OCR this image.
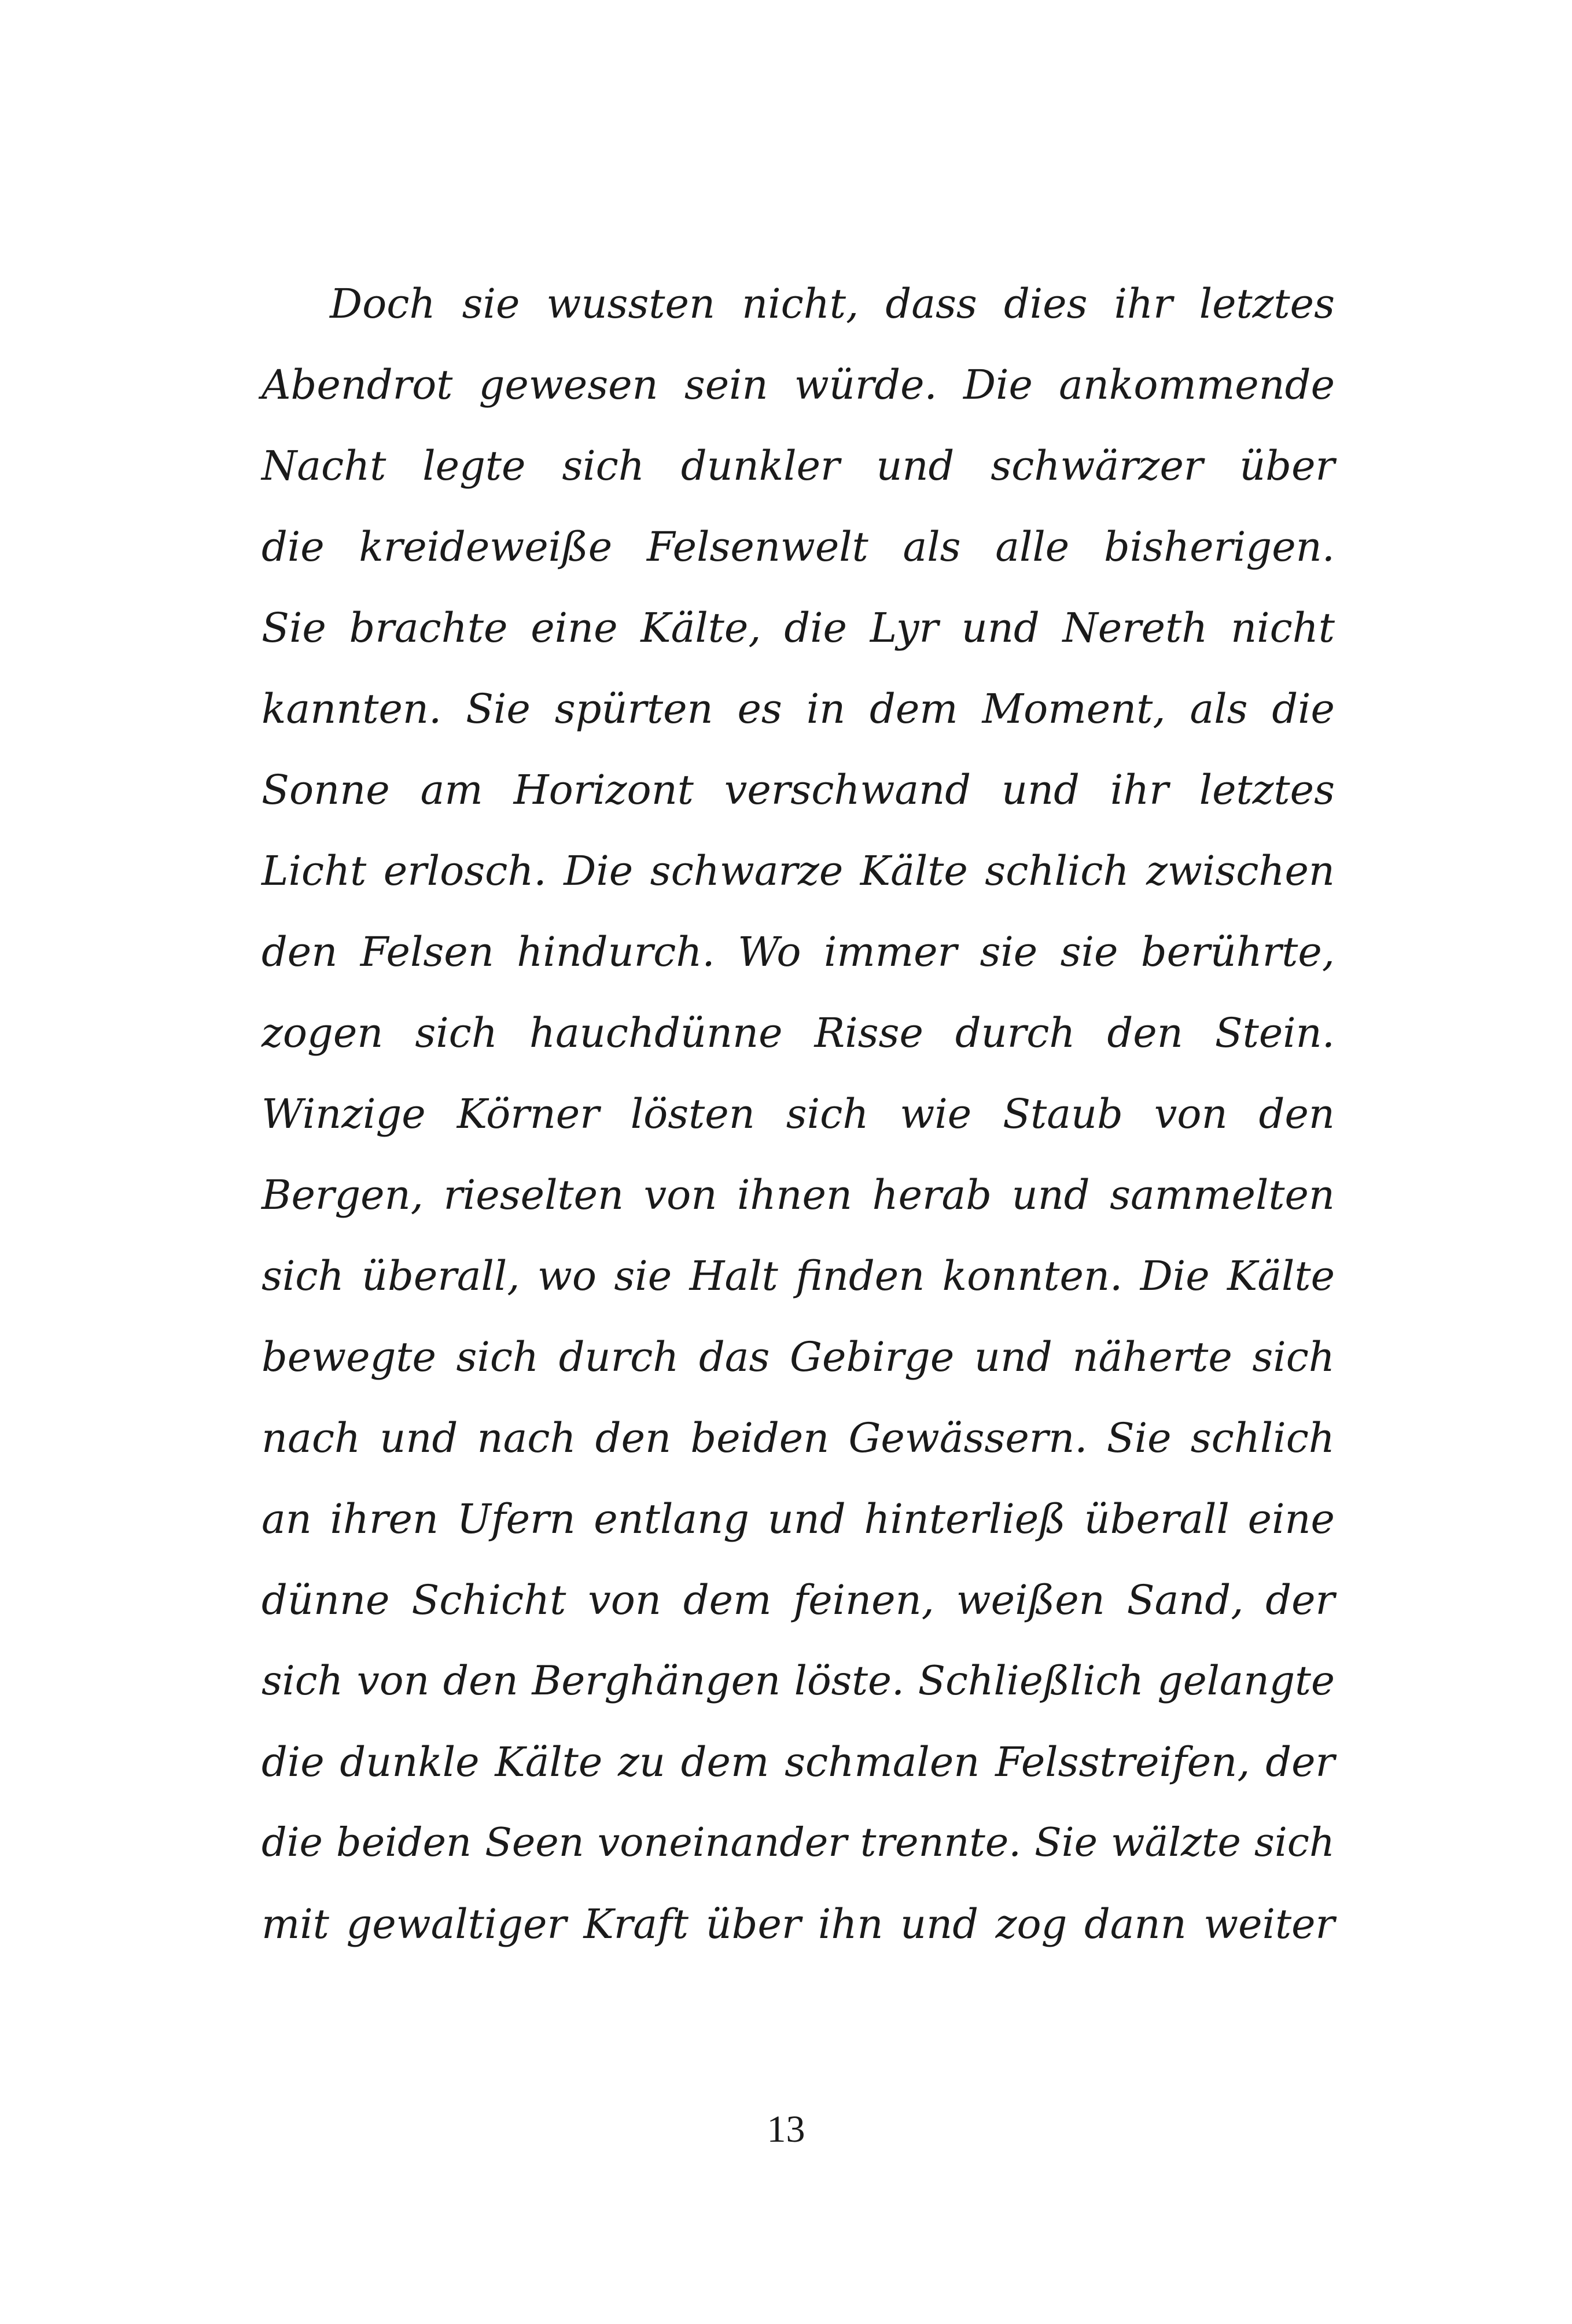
Doch sie wussten nicht, dass dies ihr letztes
Abendrot gewesen sein würde. Die ankommende
Nacht legte sich dunkler und schwärzer über
die kreideweiße Felsenwelt als alle bisherigen.
Sie brachte eine Kälte, die Lyr und Nereth nicht
kannten. Sie spürten es in dem Moment, als die
Sonne am Horizont verschwand und ihr letztes
Licht erlosch. Die schwarze Kälte schlich zwischen
den Felsen hindurch. Wo immer sie sie berührte,
zogen sich hauchdünne Risse durch den Stein.
Winzige Körner lösten sich wie Staub von den
Bergen, rieselten von ihnen herab und sammelten
sich überall, wo sie Halt finden konnten. Die Kälte
bewegte sich durch das Gebirge und näherte sich
nach und nach den beiden Gewässern. Sie schlich
an ihren Ufern entlang und hinterließ überall eine
dünne Schicht von dem feinen, weißen Sand, der
sich von den Berghängen löste. Schließlich gelangte
die dunkle Kälte zu dem schmalen Felsstreifen, der
die beiden Seen voneinander trennte. Sie wälzte sich
mit gewaltiger Kraft über ihn und zog dann weiter
13
